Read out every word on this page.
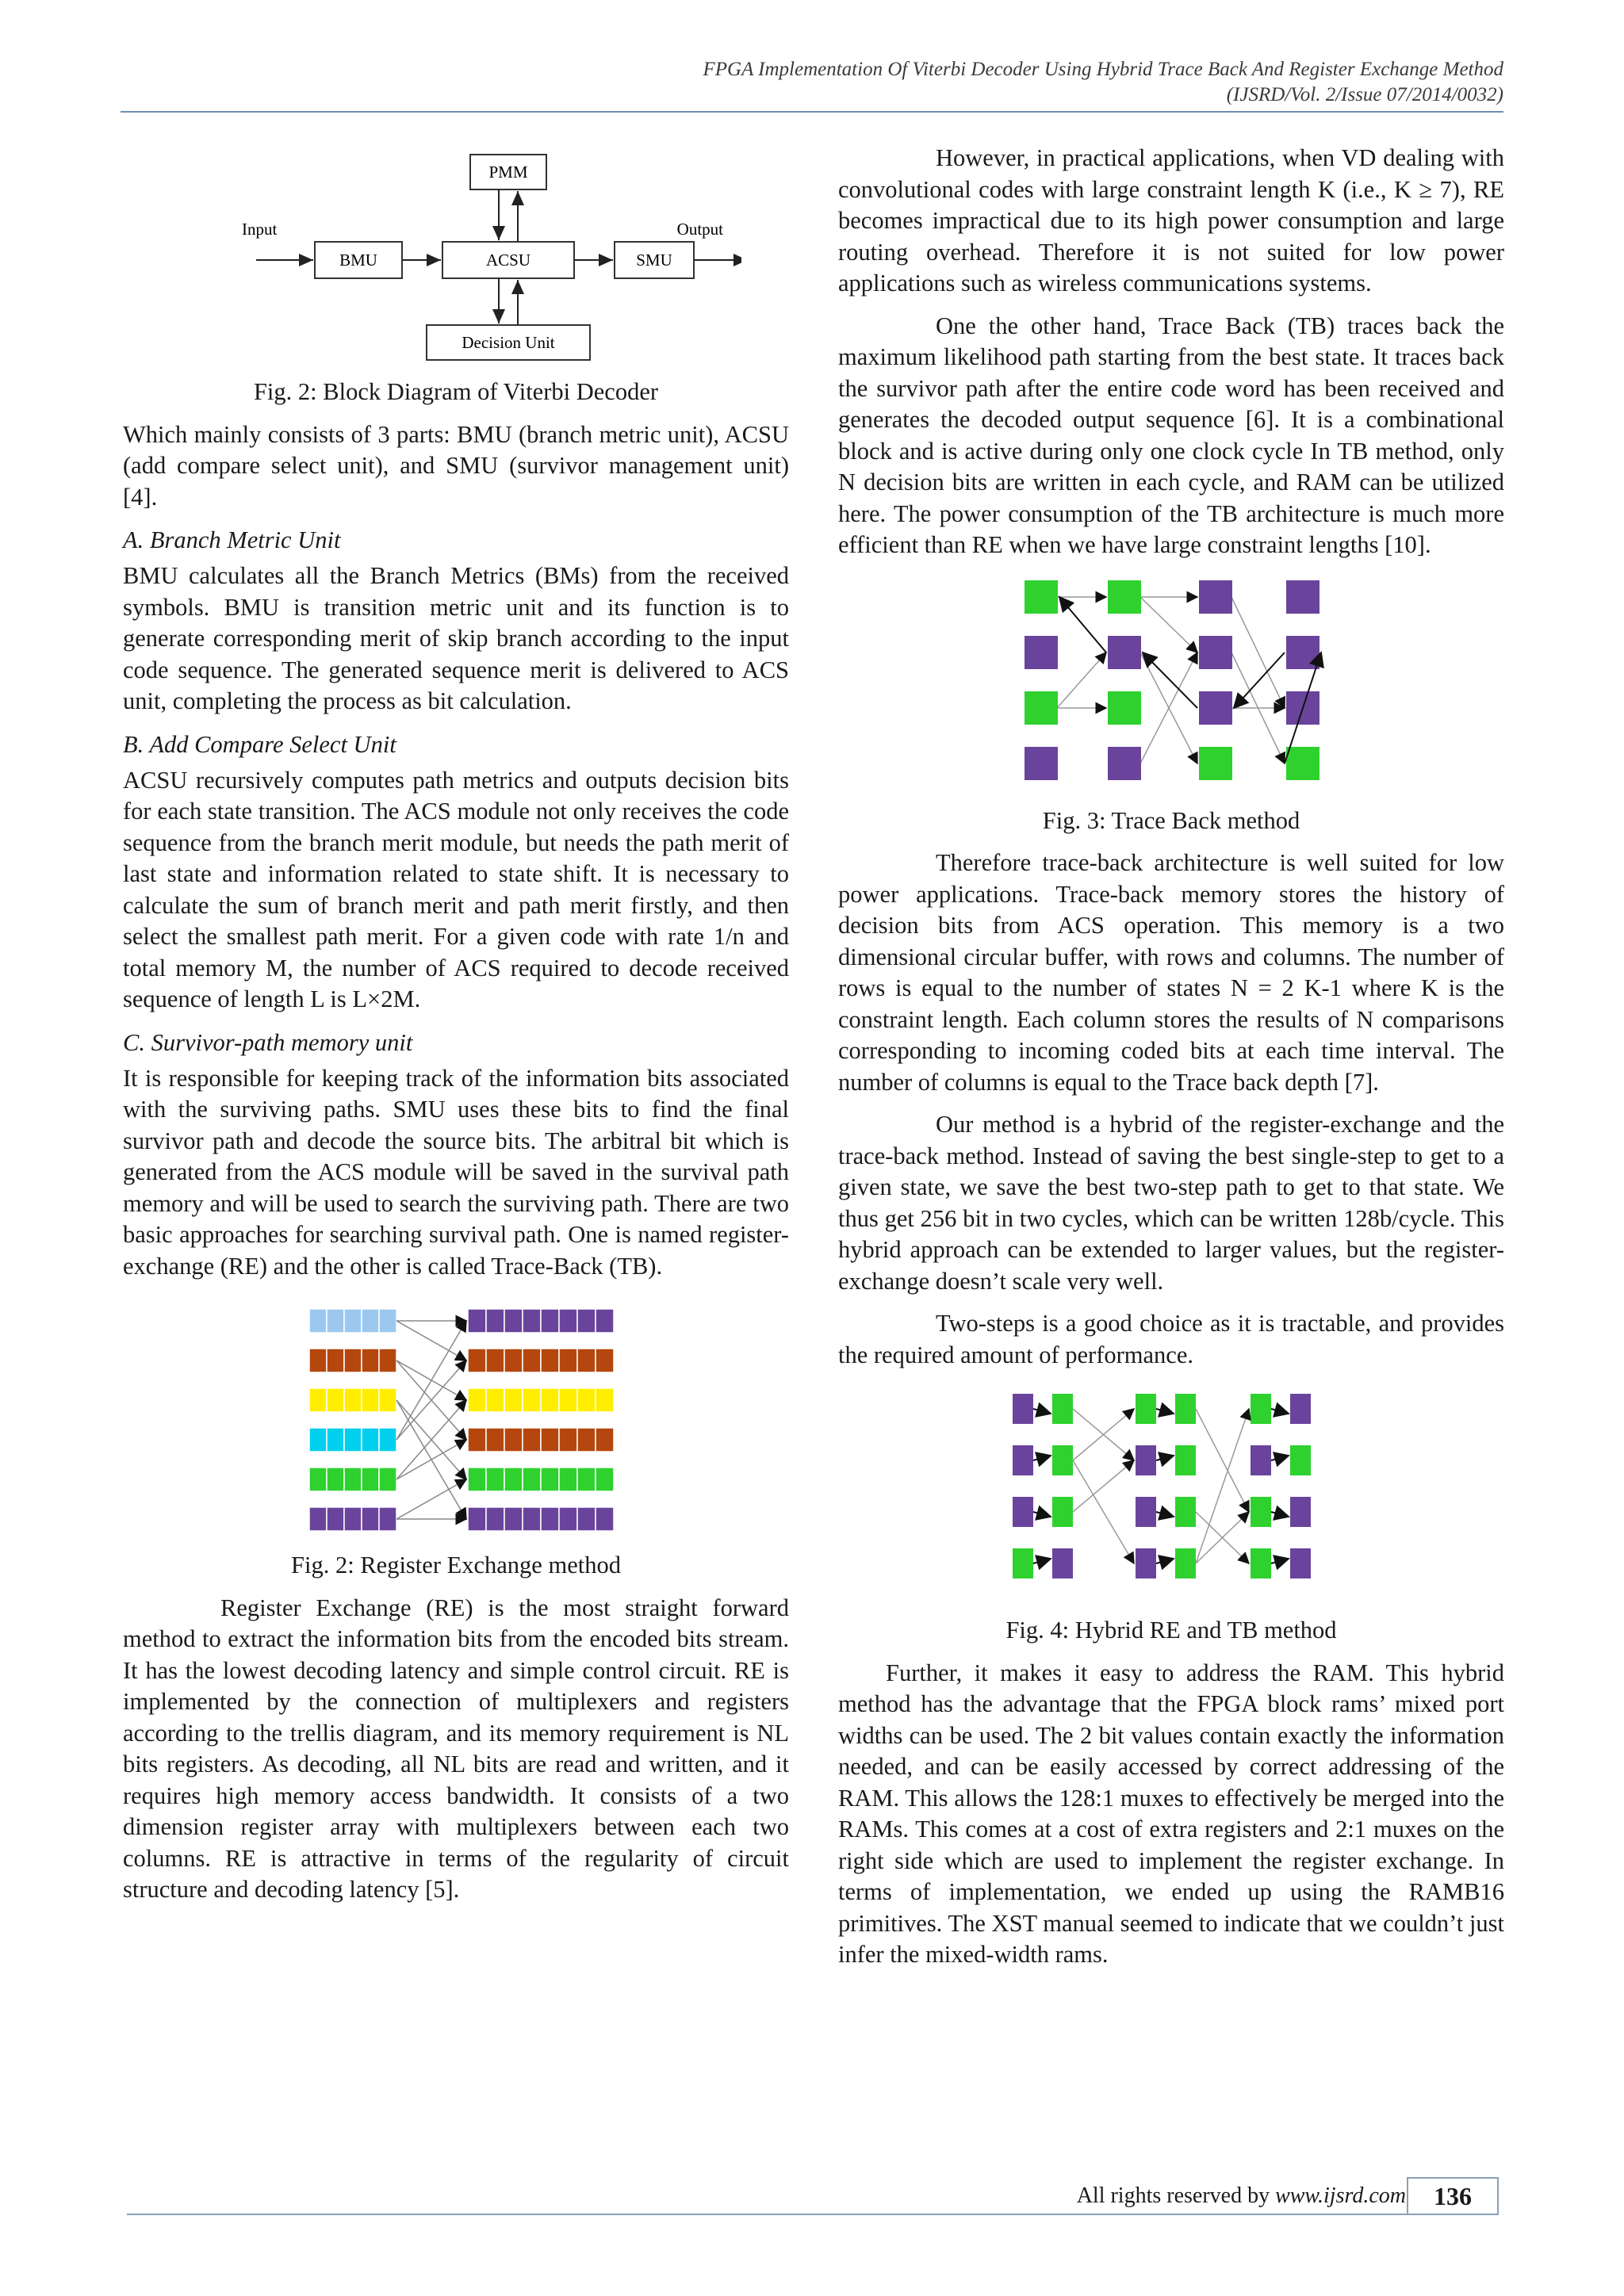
FPGA Implementation Of Viterbi Decoder Using Hybrid Trace Back And Register Exchange Method
(IJSRD/Vol. 2/Issue 07/2014/0032)
PMM
BMU	ACSU	SMU
Decision Unit
Input	Output
Fig. 2: Block Diagram of Viterbi Decoder

Which mainly consists of 3 parts: BMU (branch metric unit), ACSU (add compare select unit), and SMU (survivor management unit) [4].

A. Branch Metric Unit

BMU calculates all the Branch Metrics (BMs) from the received symbols. BMU is transition metric unit and its function is to generate corresponding merit of skip branch according to the input code sequence. The generated sequence merit is delivered to ACS unit, completing the process as bit calculation.

B. Add Compare Select Unit

ACSU recursively computes path metrics and outputs decision bits for each state transition. The ACS module not only receives the code sequence from the branch merit module, but needs the path merit of last state and information related to state shift. It is necessary to calculate the sum of branch merit and path merit firstly, and then select the smallest path merit. For a given code with rate 1/n and total memory M, the number of ACS required to decode received sequence of length L is L×2M.

C. Survivor-path memory unit

It is responsible for keeping track of the information bits associated with the surviving paths. SMU uses these bits to find the final survivor path and decode the source bits. The arbitral bit which is generated from the ACS module will be saved in the survival path memory and will be used to search the surviving path. There are two basic approaches for searching survival path. One is named register-exchange (RE) and the other is called Trace-Back (TB).

Fig. 2: Register Exchange method

Register Exchange (RE) is the most straight forward method to extract the information bits from the encoded bits stream. It has the lowest decoding latency and simple control circuit. RE is implemented by the connection of multiplexers and registers according to the trellis diagram, and its memory requirement is NL bits registers. As decoding, all NL bits are read and written, and it requires high memory access bandwidth. It consists of a two dimension register array with multiplexers between each two columns. RE is attractive in terms of the regularity of circuit structure and decoding latency [5].

However, in practical applications, when VD dealing with convolutional codes with large constraint length K (i.e., K ≥ 7), RE becomes impractical due to its high power consumption and large routing overhead. Therefore it is not suited for low power applications such as wireless communications systems.

One the other hand, Trace Back (TB) traces back the maximum likelihood path starting from the best state. It traces back the survivor path after the entire code word has been received and generates the decoded output sequence [6]. It is a combinational block and is active during only one clock cycle In TB method, only N decision bits are written in each cycle, and RAM can be utilized here. The power consumption of the TB architecture is much more efficient than RE when we have large constraint lengths [10].

Fig. 3: Trace Back method

Therefore trace-back architecture is well suited for low power applications. Trace-back memory stores the history of decision bits from ACS operation. This memory is a two dimensional circular buffer, with rows and columns. The number of rows is equal to the number of states N = 2 K-1 where K is the constraint length. Each column stores the results of N comparisons corresponding to incoming coded bits at each time interval. The number of columns is equal to the Trace back depth [7].

Our method is a hybrid of the register-exchange and the trace-back method. Instead of saving the best single-step to get to a given state, we save the best two-step path to get to that state. We thus get 256 bit in two cycles, which can be written 128b/cycle. This hybrid approach can be extended to larger values, but the register-exchange doesn’t scale very well.

Two-steps is a good choice as it is tractable, and provides the required amount of performance.

Fig. 4: Hybrid RE and TB method

Further, it makes it easy to address the RAM. This hybrid method has the advantage that the FPGA block rams’ mixed port widths can be used. The 2 bit values contain exactly the information needed, and can be easily accessed by correct addressing of the RAM. This allows the 128:1 muxes to effectively be merged into the RAMs. This comes at a cost of extra registers and 2:1 muxes on the right side which are used to implement the register exchange. In terms of implementation, we ended up using the RAMB16 primitives. The XST manual seemed to indicate that we couldn’t just infer the mixed-width rams.

All rights reserved by www.ijsrd.com	136
